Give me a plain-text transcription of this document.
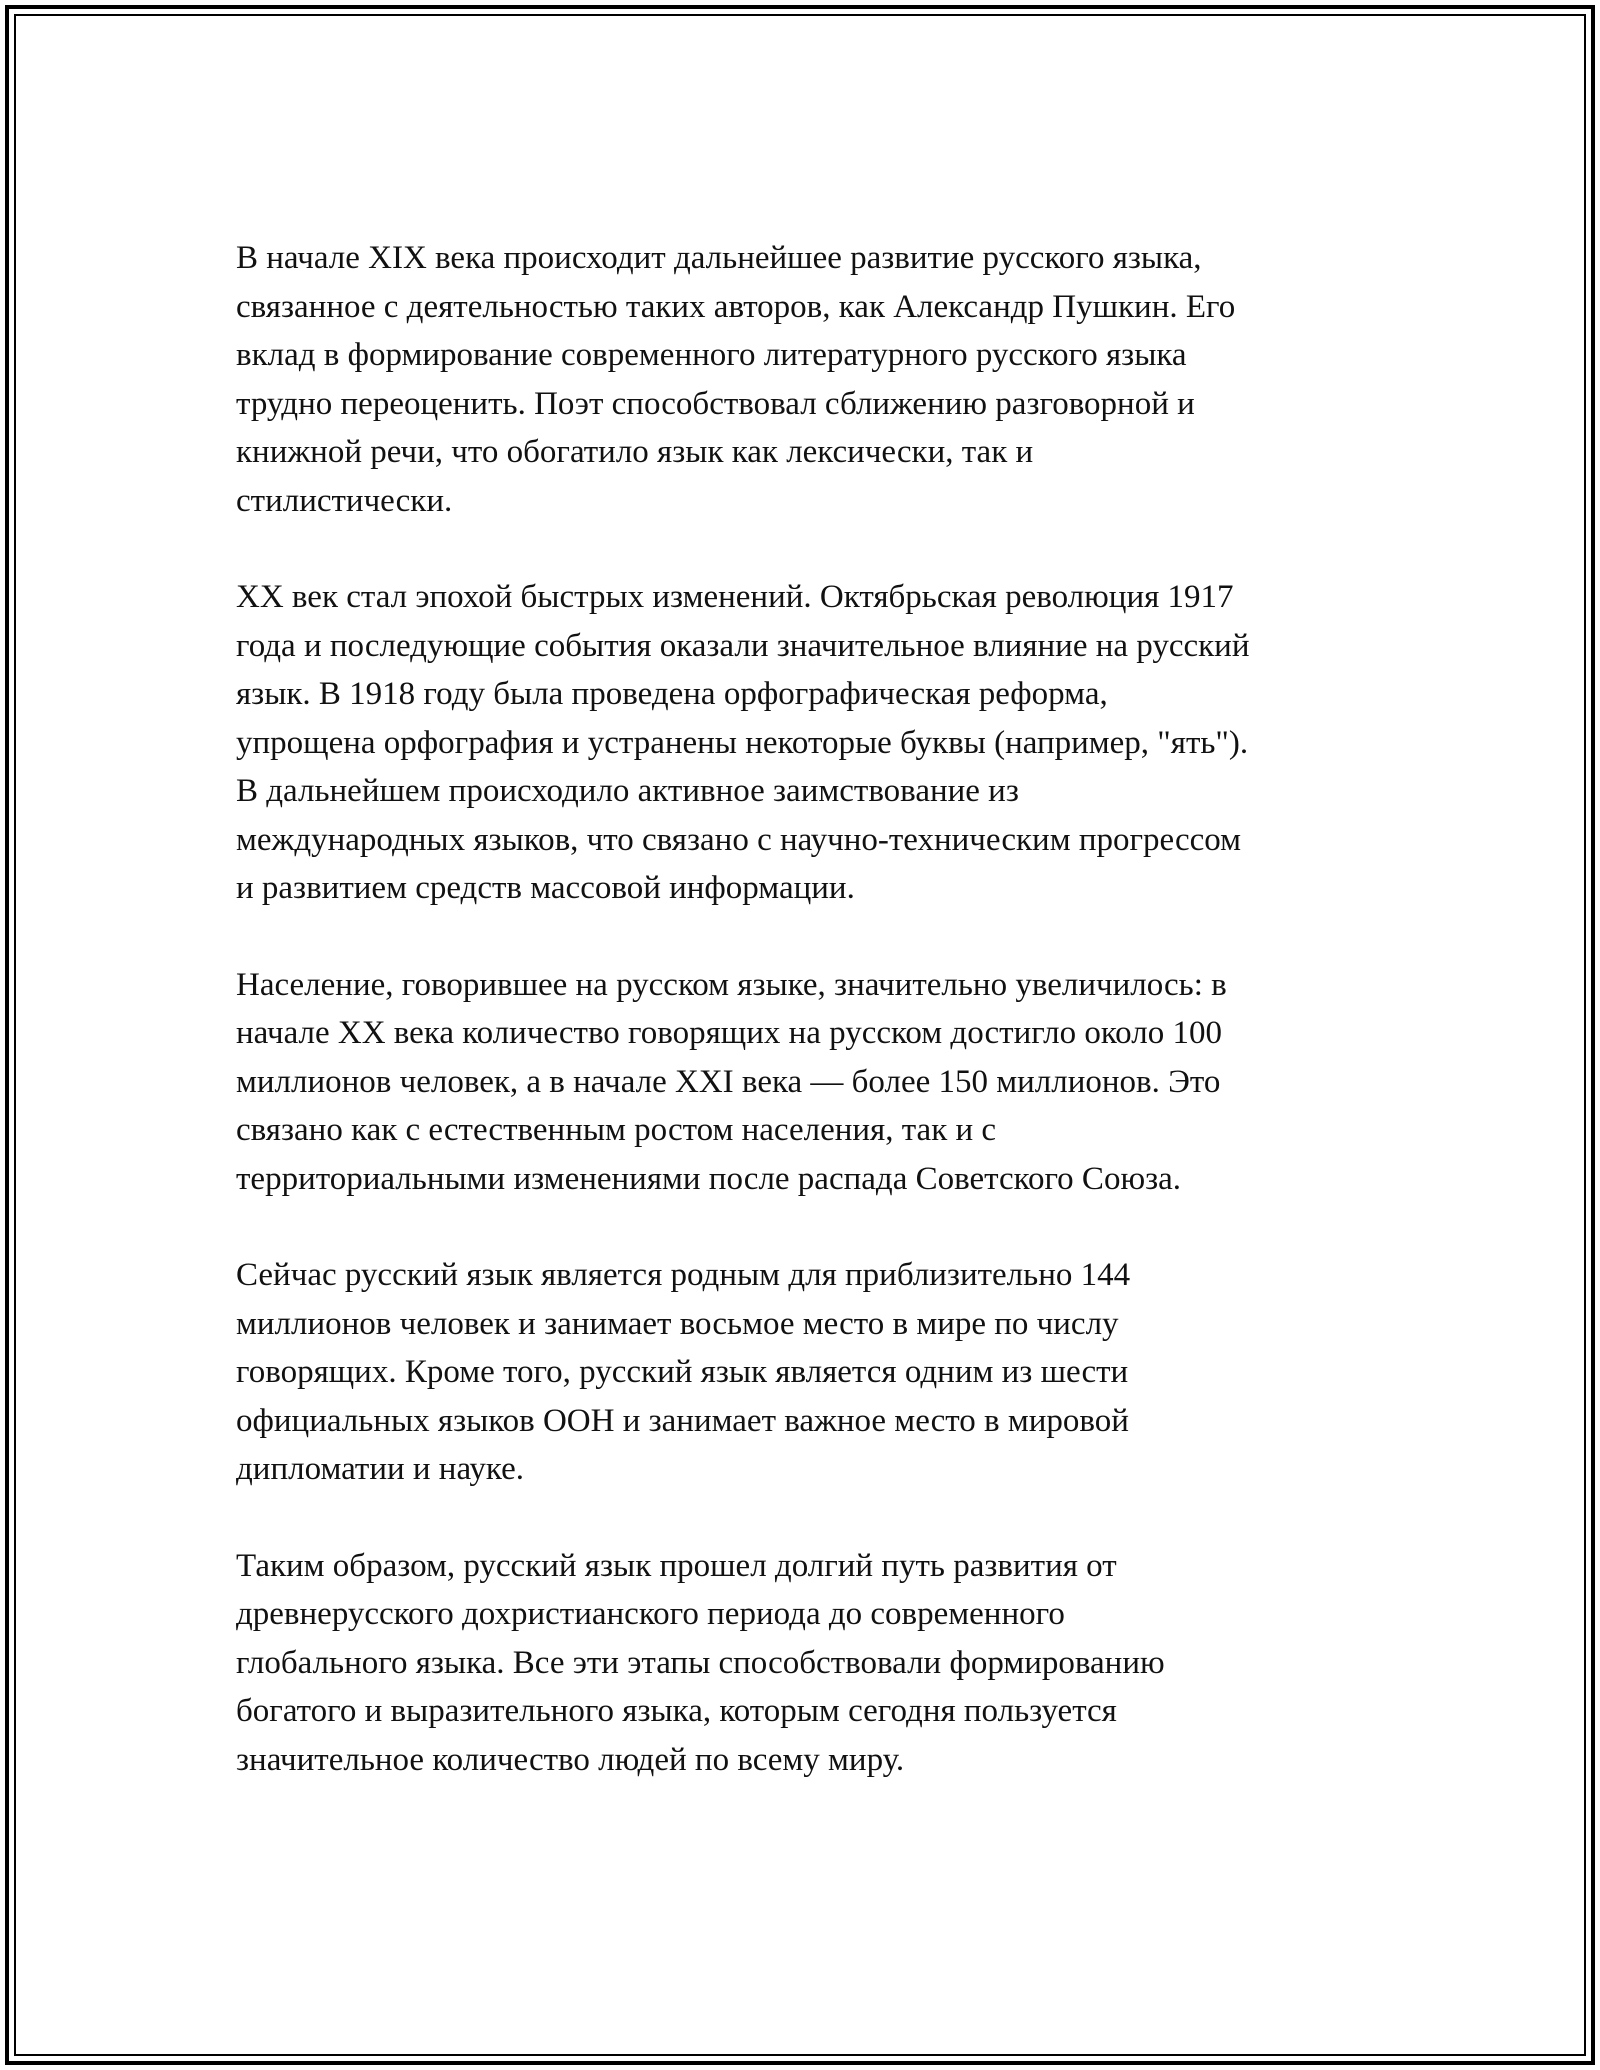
В начале XIX века происходит дальнейшее развитие русского языка,
связанное с деятельностью таких авторов, как Александр Пушкин. Его
вклад в формирование современного литературного русского языка
трудно переоценить. Поэт способствовал сближению разговорной и
книжной речи, что обогатило язык как лексически, так и
стилистически.

XX век стал эпохой быстрых изменений. Октябрьская революция 1917
года и последующие события оказали значительное влияние на русский
язык. В 1918 году была проведена орфографическая реформа,
упрощена орфография и устранены некоторые буквы (например, "ять").
В дальнейшем происходило активное заимствование из
международных языков, что связано с научно-техническим прогрессом
и развитием средств массовой информации.

Население, говорившее на русском языке, значительно увеличилось: в
начале XX века количество говорящих на русском достигло около 100
миллионов человек, а в начале XXI века — более 150 миллионов. Это
связано как с естественным ростом населения, так и с
территориальными изменениями после распада Советского Союза.

Сейчас русский язык является родным для приблизительно 144
миллионов человек и занимает восьмое место в мире по числу
говорящих. Кроме того, русский язык является одним из шести
официальных языков ООН и занимает важное место в мировой
дипломатии и науке.

Таким образом, русский язык прошел долгий путь развития от
древнерусского дохристианского периода до современного
глобального языка. Все эти этапы способствовали формированию
богатого и выразительного языка, которым сегодня пользуется
значительное количество людей по всему миру.
